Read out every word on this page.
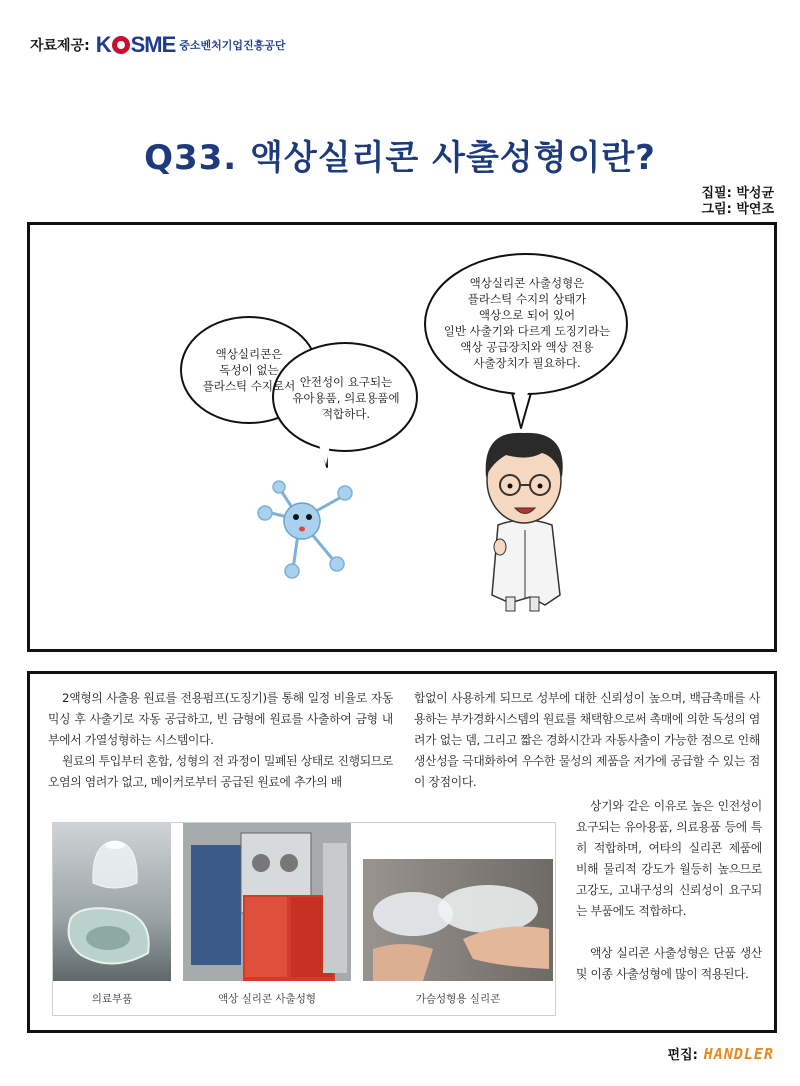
자료제공: K SME 중소벤처기업진흥공단
Q33. 액상실리콘 사출성형이란?
집필: 박성균
그림: 박연조
액상실리콘은
독성이 없는
플라스틱 수지로서 안전성이 요구되는
유아용품, 의료용품에
적합하다.
액상실리콘 사출성형은
플라스틱 수지의 상태가
액상으로 되어 있어
일반 사출기와 다르게 도징기라는
액상 공급장치와 액상 전용
사출장치가 필요하다.

2액형의 사출용 원료를 전용펌프(도징기)를 통해 일정 비율로 자동 믹싱 후 사출기로 자동 공급하고, 빈 금형에 원료를 사출하여 금형 내부에서 가열성형하는 시스템이다.

원료의 투입부터 혼합, 성형의 전 과정이 밀폐된 상태로 진행되므로 오염의 염려가 없고, 메이커로부터 공급된 원료에 추가의 배

합없이 사용하게 되므로 성부에 대한 신뢰성이 높으며, 백금촉매를 사용하는 부가경화시스템의 원료를 채택함으로써 촉매에 의한 독성의 염려가 없는 뎀, 그리고 짧은 경화시간과 자동사출이 가능한 점으로 인해 생산성을 극대화하여 우수한 물성의 제품을 저가에 공급할 수 있는 점이 장점이다.

상기와 같은 이유로 높은 인전성이 요구되는 유아용품, 의료용품 등에 특히 적합하며, 여타의 실리콘 제품에 비해 물리적 강도가 월등히 높으므로 고강도, 고내구성의 신뢰성이 요구되는 부품에도 적합하다.

액상 실리콘 사출성형은 단품 생산 및 이종 사출성형에 많이 적용된다.

의료부품	액상 실리콘 사출성형	가슴성형용 실리콘
편집: HANDLER
